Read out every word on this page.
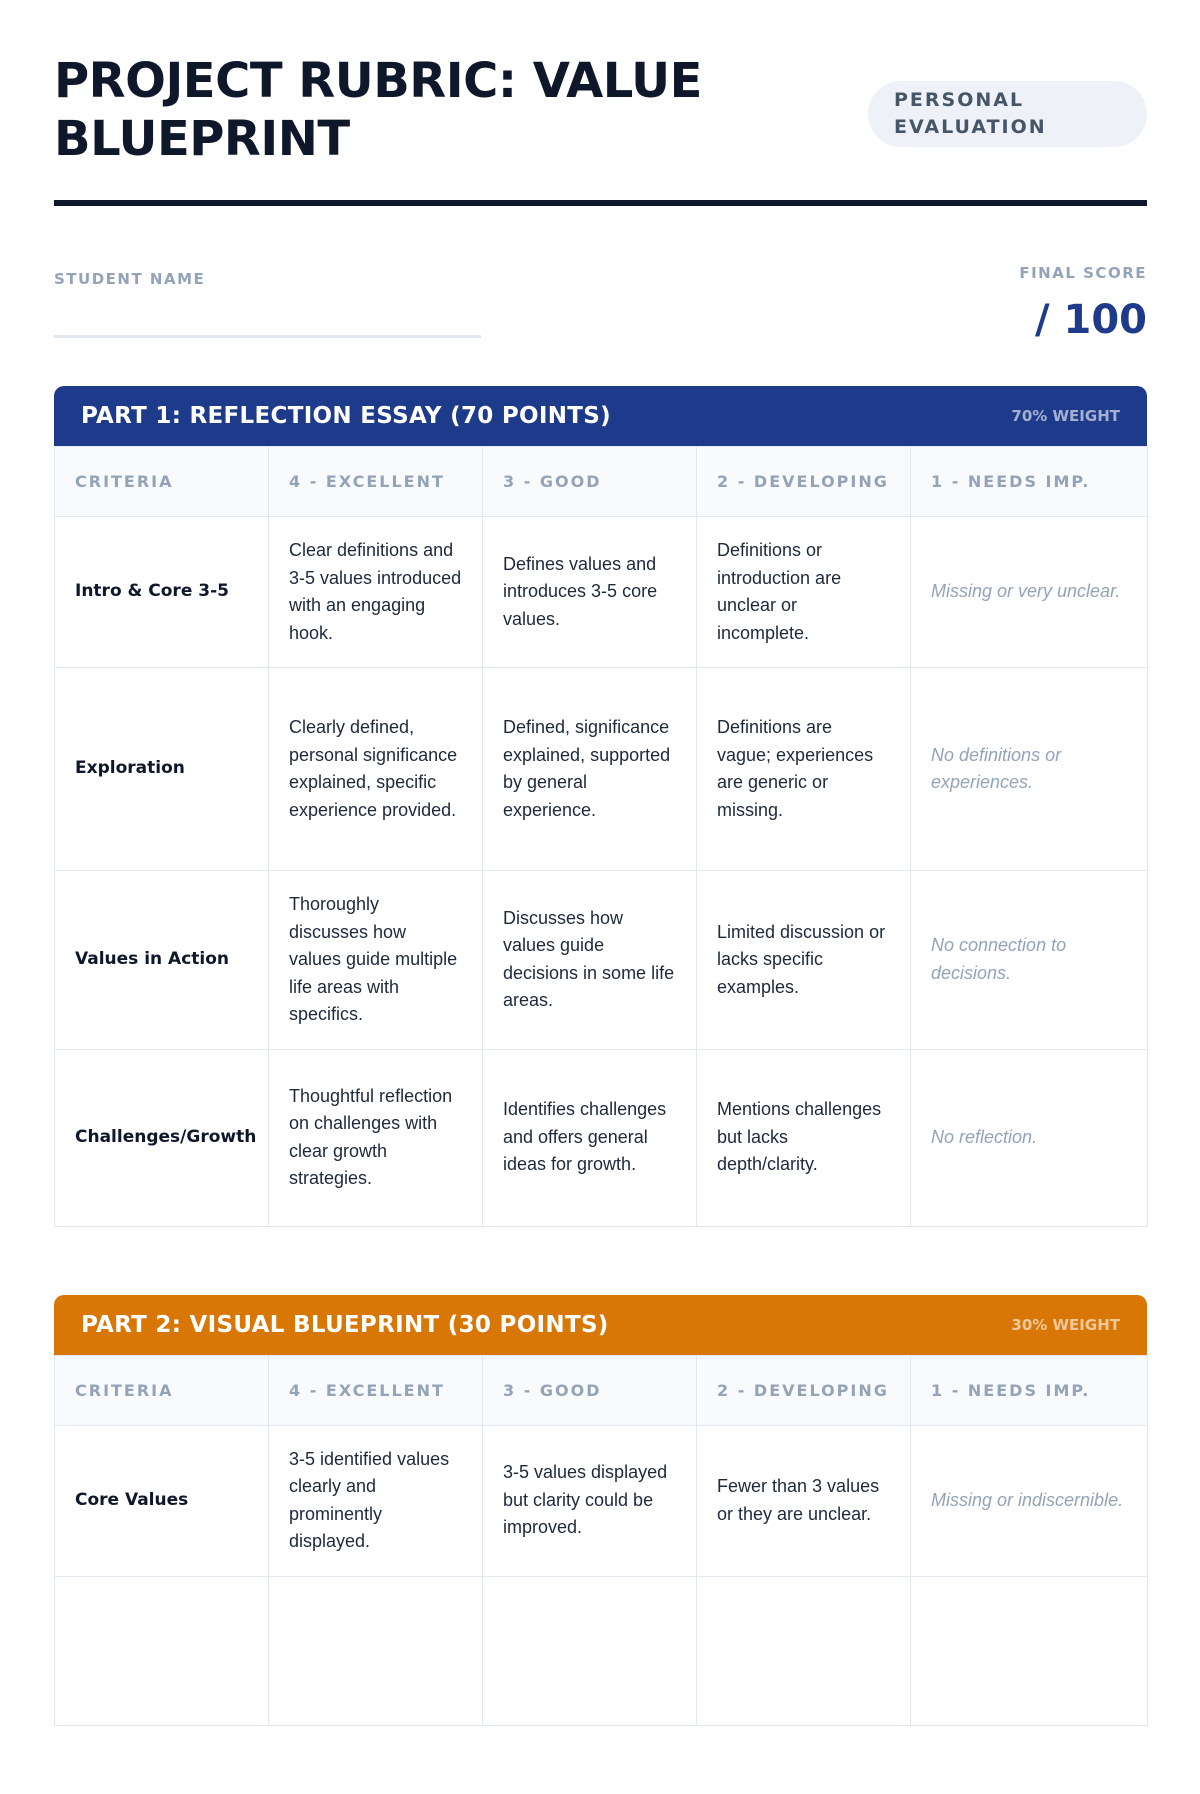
PROJECT RUBRIC: VALUE BLUEPRINT
PERSONAL EVALUATION
STUDENT NAME	FINAL SCORE
/ 100
PART 1: REFLECTION ESSAY (70 POINTS)	70% WEIGHT
CRITERIA	4 - EXCELLENT	3 - GOOD	2 - DEVELOPING	1 - NEEDS IMP.
Intro & Core 3-5	Clear definitions and 3-5 values introduced with an engaging hook.	Defines values and introduces 3-5 core values.	Definitions or introduction are unclear or incomplete.	Missing or very unclear.
Exploration	Clearly defined, personal significance explained, specific experience provided.	Defined, significance explained, supported by general experience.	Definitions are vague; experiences are generic or missing.	No definitions or experiences.
Values in Action	Thoroughly discusses how values guide multiple life areas with specifics.	Discusses how values guide decisions in some life areas.	Limited discussion or lacks specific examples.	No connection to decisions.
Challenges/Growth	Thoughtful reflection on challenges with clear growth strategies.	Identifies challenges and offers general ideas for growth.	Mentions challenges but lacks depth/clarity.	No reflection.
PART 2: VISUAL BLUEPRINT (30 POINTS)	30% WEIGHT
CRITERIA	4 - EXCELLENT	3 - GOOD	2 - DEVELOPING	1 - NEEDS IMP.
Core Values	3-5 identified values clearly and prominently displayed.	3-5 values displayed but clarity could be improved.	Fewer than 3 values or they are unclear.	Missing or indiscernible.
